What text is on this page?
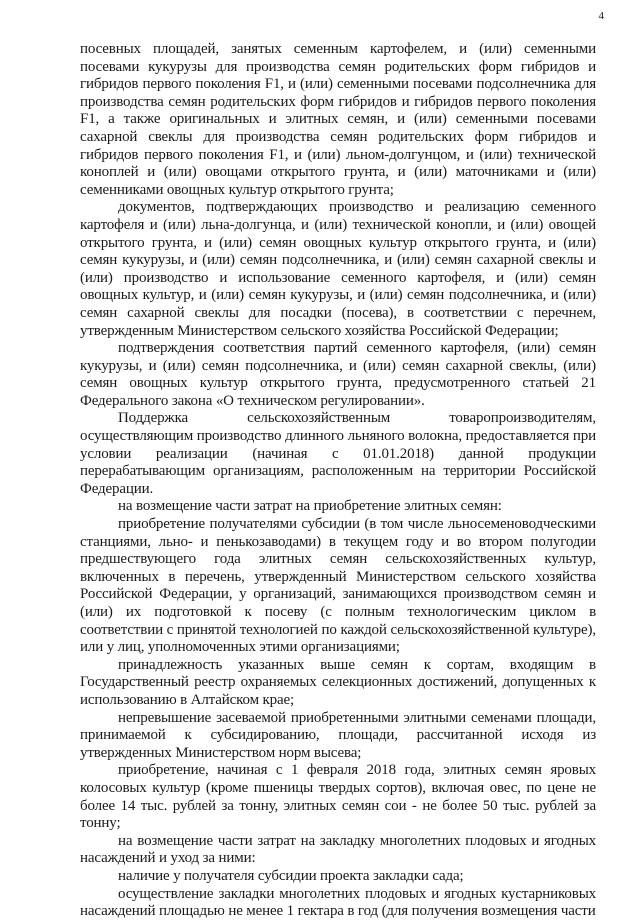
4

посевных площадей, занятых семенным картофелем, и (или) семенными посевами кукурузы для производства семян родительских форм гибридов и гибридов первого поколения F1, и (или) семенными посевами подсолнечника для производства семян родительских форм гибридов и гибридов первого поколения F1, а также оригинальных и элитных семян, и (или) семенными посевами сахарной свеклы для производства семян родительских форм гибридов и гибридов первого поколения F1, и (или) льном-долгунцом, и (или) технической коноплей и (или) овощами открытого грунта, и (или) маточниками и (или) семенниками овощных культур открытого грунта;

документов, подтверждающих производство и реализацию семенного картофеля и (или) льна-долгунца, и (или) технической конопли, и (или) овощей открытого грунта, и (или) семян овощных культур открытого грунта, и (или) семян кукурузы, и (или) семян подсолнечника, и (или) семян сахарной свеклы и (или) производство и использование семенного картофеля, и (или) семян овощных культур, и (или) семян кукурузы, и (или) семян подсолнечника, и (или) семян сахарной свеклы для посадки (посева), в соответствии с перечнем, утвержденным Министерством сельского хозяйства Российской Федерации;

подтверждения соответствия партий семенного картофеля, (или) семян кукурузы, и (или) семян подсолнечника, и (или) семян сахарной свеклы, (или) семян овощных культур открытого грунта, предусмотренного статьей 21 Федерального закона «О техническом регулировании».

Поддержка сельскохозяйственным товаропроизводителям, осуществляющим производство длинного льняного волокна, предоставляется при условии реализации (начиная с 01.01.2018) данной продукции перерабатывающим организациям, расположенным на территории Российской Федерации.

на возмещение части затрат на приобретение элитных семян:

приобретение получателями субсидии (в том числе льносеменоводческими станциями, льно- и пенькозаводами) в текущем году и во втором полугодии предшествующего года элитных семян сельскохозяйственных культур, включенных в перечень, утвержденный Министерством сельского хозяйства Российской Федерации, у организаций, занимающихся производством семян и (или) их подготовкой к посеву (с полным технологическим циклом в соответствии с принятой технологией по каждой сельскохозяйственной культуре), или у лиц, уполномоченных этими организациями;

принадлежность указанных выше семян к сортам, входящим в Государственный реестр охраняемых селекционных достижений, допущенных к использованию в Алтайском крае;

непревышение засеваемой приобретенными элитными семенами площади, принимаемой к субсидированию, площади, рассчитанной исходя из утвержденных Министерством норм высева;

приобретение, начиная с 1 февраля 2018 года, элитных семян яровых колосовых культур (кроме пшеницы твердых сортов), включая овес, по цене не более 14 тыс. рублей за тонну, элитных семян сои - не более 50 тыс. рублей за тонну;

на возмещение части затрат на закладку многолетних плодовых и ягодных насаждений и уход за ними:

наличие у получателя субсидии проекта закладки сада;

осуществление закладки многолетних плодовых и ягодных кустарниковых насаждений площадью не менее 1 гектара в год (для получения возмещения части
